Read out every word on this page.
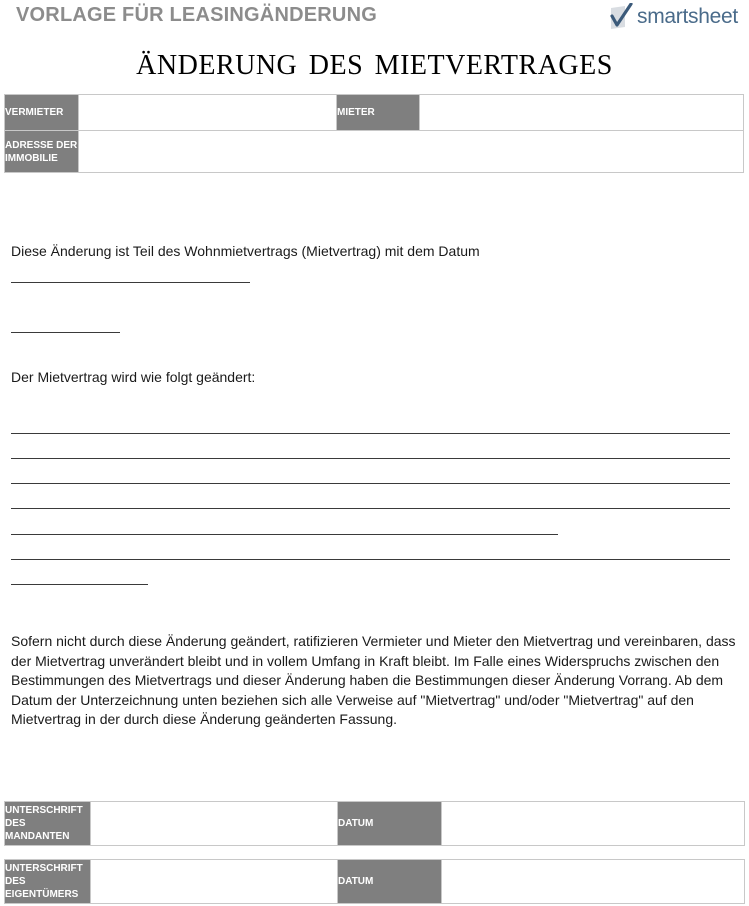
VORLAGE FÜR LEASINGÄNDERUNG	smartsheet
ÄNDERUNG DES MIETVERTRAGES
VERMIETER		MIETER	
ADRESSE DER IMMOBILIE			
Diese Änderung ist Teil des Wohnmietvertrags (Mietvertrag) mit dem Datum
Der Mietvertrag wird wie folgt geändert:
Sofern nicht durch diese Änderung geändert, ratifizieren Vermieter und Mieter den Mietvertrag und vereinbaren, dass der Mietvertrag unverändert bleibt und in vollem Umfang in Kraft bleibt. Im Falle eines Widerspruchs zwischen den Bestimmungen des Mietvertrags und dieser Änderung haben die Bestimmungen dieser Änderung Vorrang. Ab dem Datum der Unterzeichnung unten beziehen sich alle Verweise auf "Mietvertrag" und/oder "Mietvertrag" auf den Mietvertrag in der durch diese Änderung geänderten Fassung.
UNTERSCHRIFT DES MANDANTEN		DATUM	
UNTERSCHRIFT DES EIGENTÜMERS		DATUM	
